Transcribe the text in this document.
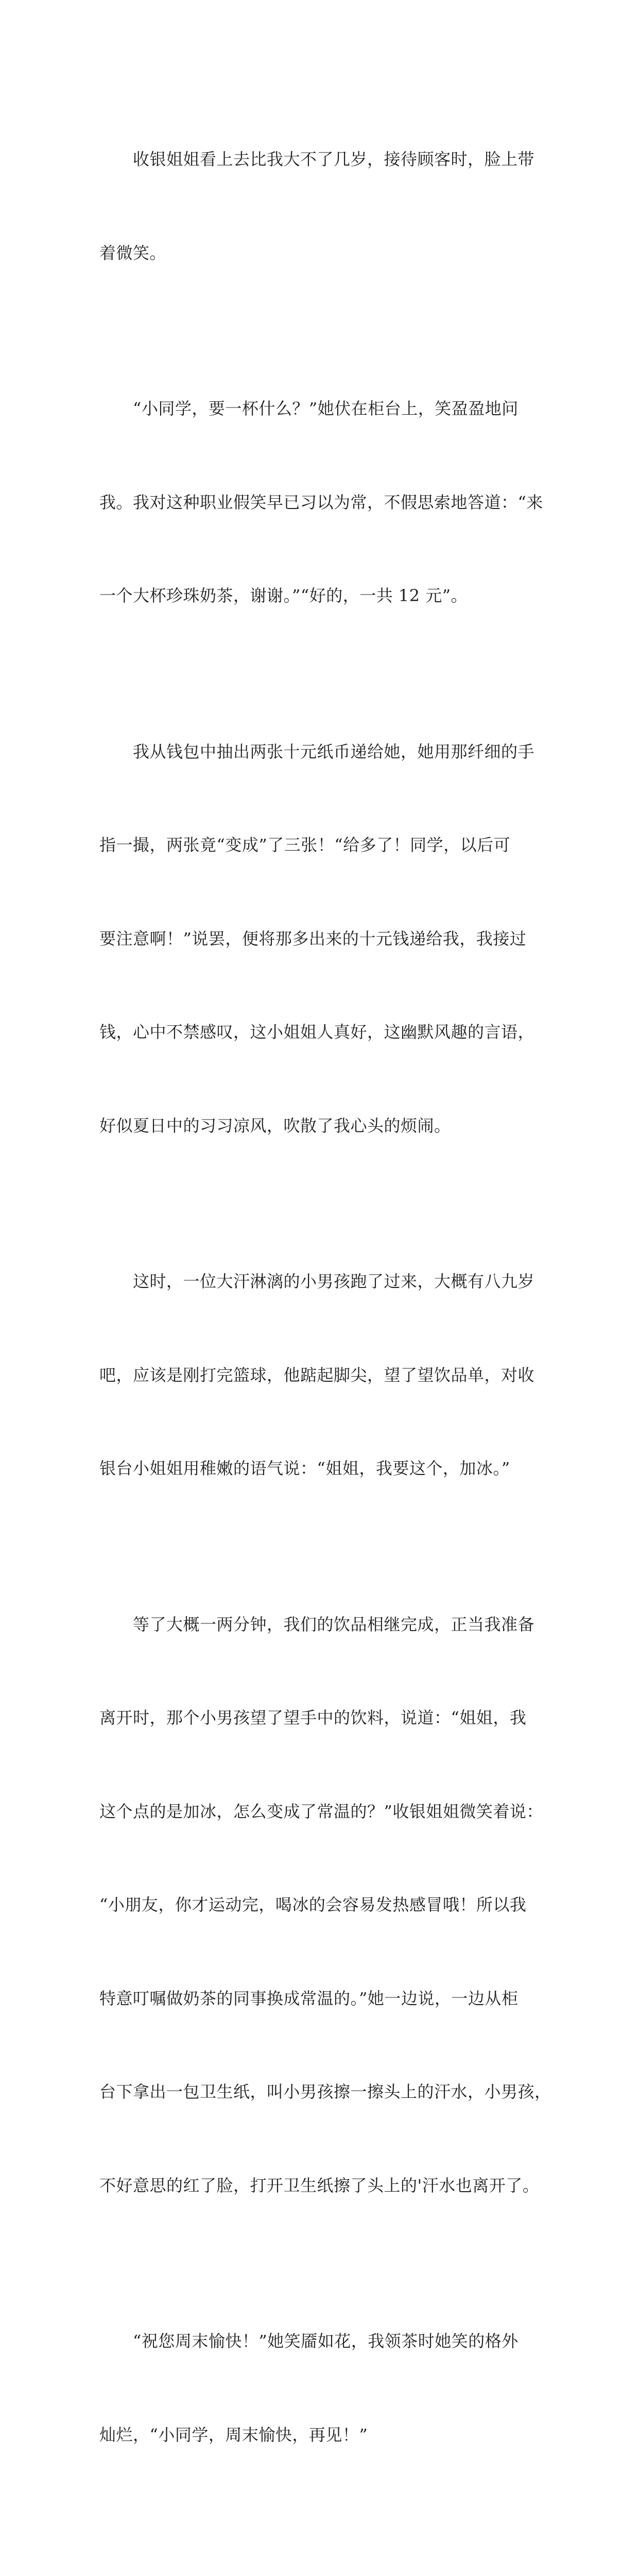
　　收银姐姐看上去比我大不了几岁，接待顾客时，脸上带

着微笑。

　　“小同学，要一杯什么？”她伏在柜台上，笑盈盈地问

我。我对这种职业假笑早已习以为常，不假思索地答道：“来

一个大杯珍珠奶茶，谢谢。”“好的，一共 12 元”。

　　我从钱包中抽出两张十元纸币递给她，她用那纤细的手

指一撮，两张竟“变成”了三张！“给多了！同学，以后可

要注意啊！”说罢，便将那多出来的十元钱递给我，我接过

钱，心中不禁感叹，这小姐姐人真好，这幽默风趣的言语，

好似夏日中的习习凉风，吹散了我心头的烦闹。

　　这时，一位大汗淋漓的小男孩跑了过来，大概有八九岁

吧，应该是刚打完篮球，他踮起脚尖，望了望饮品单，对收

银台小姐姐用稚嫩的语气说：“姐姐，我要这个，加冰。”

　　等了大概一两分钟，我们的饮品相继完成，正当我准备

离开时，那个小男孩望了望手中的饮料，说道：“姐姐，我

这个点的是加冰，怎么变成了常温的？”收银姐姐微笑着说：

“小朋友，你才运动完，喝冰的会容易发热感冒哦！所以我

特意叮嘱做奶茶的同事换成常温的。”她一边说，一边从柜

台下拿出一包卫生纸，叫小男孩擦一擦头上的汗水，小男孩，

不好意思的红了脸，打开卫生纸擦了头上的'汗水也离开了。

　　“祝您周末愉快！”她笑靥如花，我领茶时她笑的格外

灿烂，“小同学，周末愉快，再见！”
